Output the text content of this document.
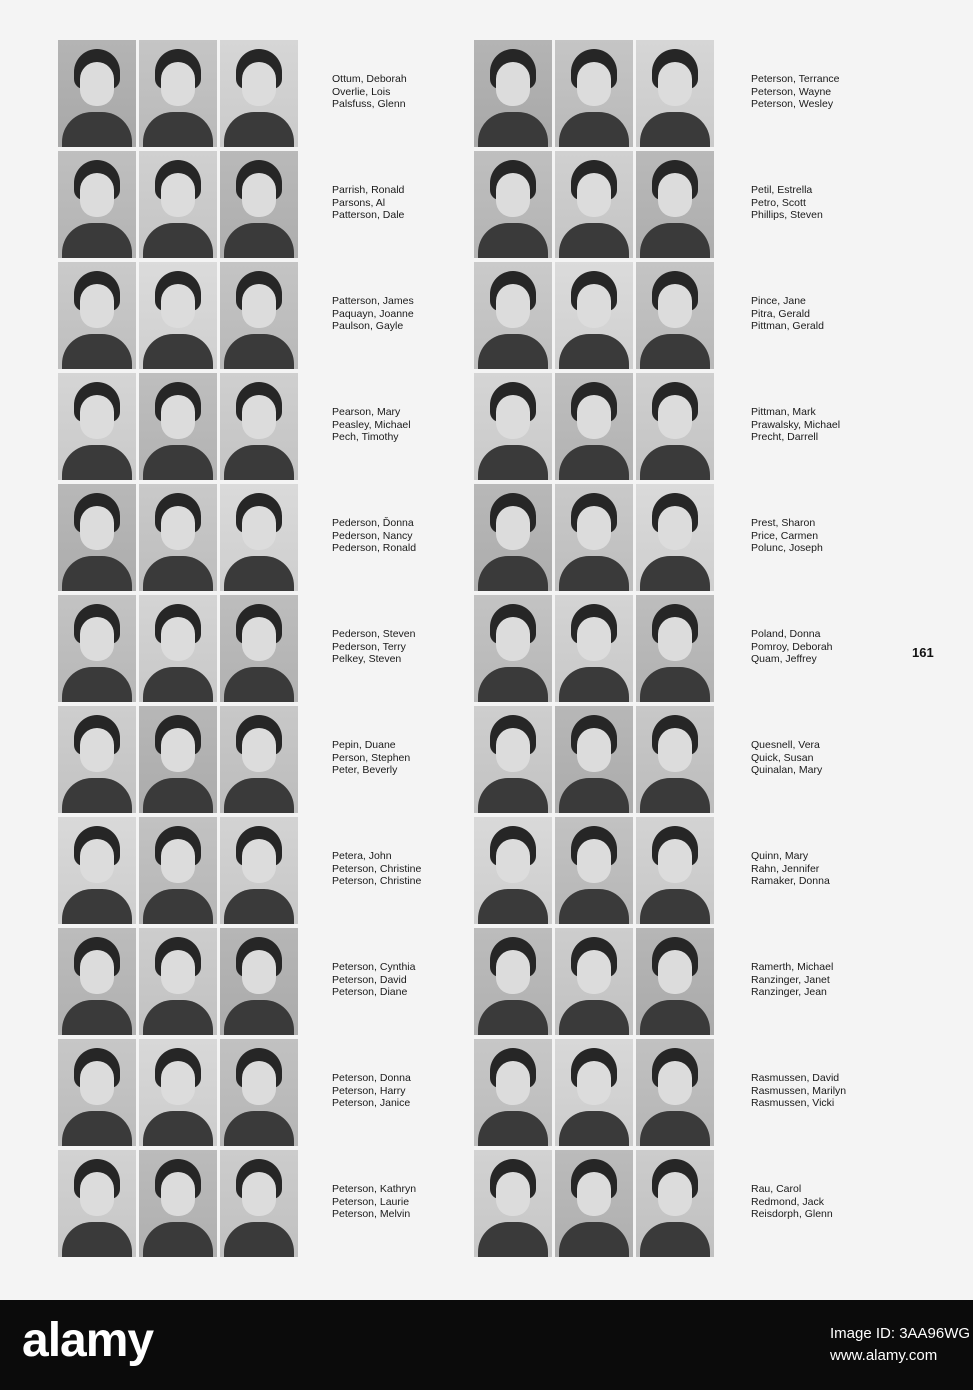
Ottum, Deborah
Overlie, Lois
Palsfuss, Glenn
Parrish, Ronald
Parsons, Al
Patterson, Dale
Patterson, James
Paquayn, Joanne
Paulson, Gayle
Pearson, Mary
Peasley, Michael
Pech, Timothy
Pederson, Ďonna
Pederson, Nancy
Pederson, Ronald
Pederson, Steven
Pederson, Terry
Pelkey, Steven
Pepin, Duane
Person, Stephen
Peter, Beverly
Petera, John
Peterson, Christine
Peterson, Christine
Peterson, Cynthia
Peterson, David
Peterson, Diane
Peterson, Donna
Peterson, Harry
Peterson, Janice
Peterson, Kathryn
Peterson, Laurie
Peterson, Melvin
Peterson, Terrance
Peterson, Wayne
Peterson, Wesley
Petil, Estrella
Petro, Scott
Phillips, Steven
Pince, Jane
Pitra, Gerald
Pittman, Gerald
Pittman, Mark
Prawalsky, Michael
Precht, Darrell
Prest, Sharon
Price, Carmen
Polunc, Joseph
Poland, Donna
Pomroy, Deborah
Quam, Jeffrey
Quesnell, Vera
Quick, Susan
Quinalan, Mary
Quinn, Mary
Rahn, Jennifer
Ramaker, Donna
Ramerth, Michael
Ranzinger, Janet
Ranzinger, Jean
Rasmussen, David
Rasmussen, Marilyn
Rasmussen, Vicki
Rau, Carol
Redmond, Jack
Reisdorph, Glenn
161
alamy	Image ID: 3AA96WG
www.alamy.com
